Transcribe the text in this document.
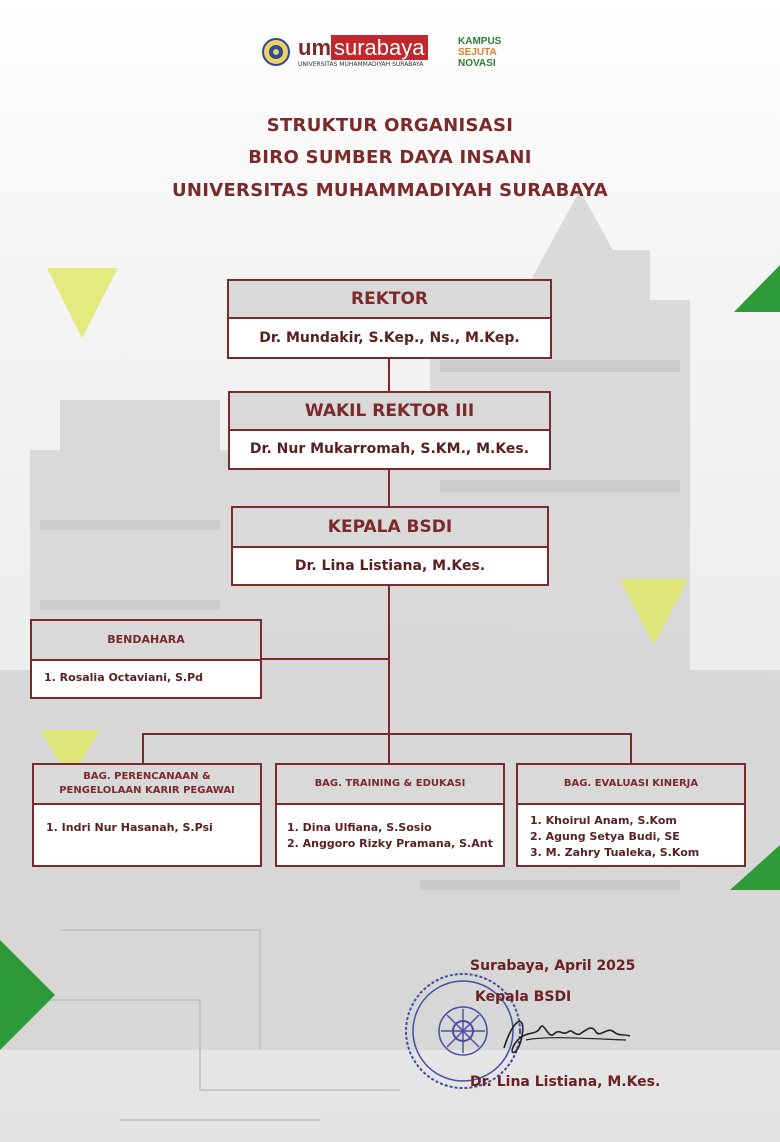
um surabaya
UNIVERSITAS MUHAMMADIYAH SURABAYA
KAMPUS
SEJUTA
NOVASI
STRUKTUR ORGANISASI
BIRO SUMBER DAYA INSANI
UNIVERSITAS MUHAMMADIYAH SURABAYA
REKTOR
Dr. Mundakir, S.Kep., Ns., M.Kep.
WAKIL REKTOR III
Dr. Nur Mukarromah, S.KM., M.Kes.
KEPALA BSDI
Dr. Lina Listiana, M.Kes.
BENDAHARA
1. Rosalia Octaviani, S.Pd
BAG. PERENCANAAN &
PENGELOLAAN KARIR PEGAWAI
1. Indri Nur Hasanah, S.Psi
BAG. TRAINING & EDUKASI
1. Dina Ulfiana, S.Sosio
2. Anggoro Rizky Pramana, S.Ant
BAG. EVALUASI KINERJA
1. Khoirul Anam, S.Kom
2. Agung Setya Budi, SE
3. M. Zahry Tualeka, S.Kom
Surabaya, April 2025
Kepala BSDI
Dr. Lina Listiana, M.Kes.
